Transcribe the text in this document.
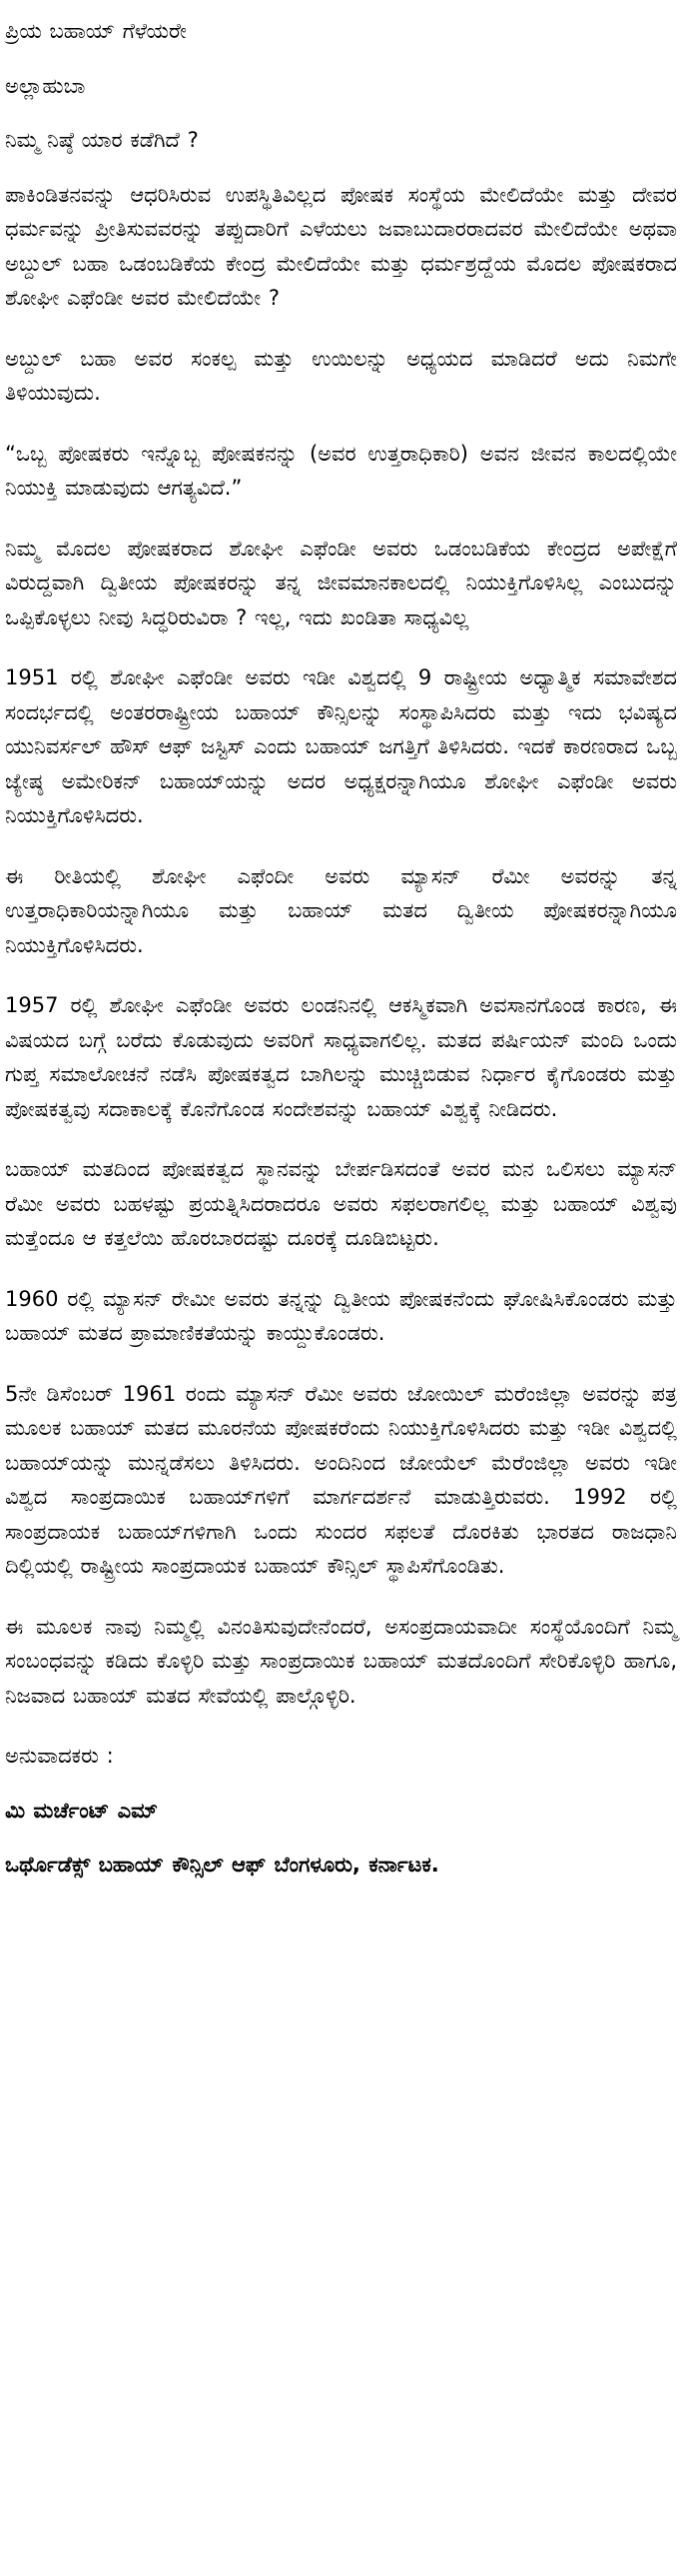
ಪ್ರಿಯ ಬಹಾಯ್ ಗೆಳೆಯರೇ

ಅಲ್ಲಾಹುಬಾ

ನಿಮ್ಮ ನಿಷ್ಠೆ ಯಾರ ಕಡೆಗಿದೆ ?

ಪಾಕಿಂಡಿತನವನ್ನು ಆಧರಿಸಿರುವ ಉಪಸ್ಥಿತಿವಿಲ್ಲದ ಪೋಷಕ ಸಂಸ್ಥೆಯ ಮೇಲಿದೆಯೇ ಮತ್ತು ದೇವರ ಧರ್ಮವನ್ನು ಪ್ರೀತಿಸುವವರನ್ನು ತಪ್ಪುದಾರಿಗೆ ಎಳೆಯಲು ಜವಾಬುದಾರರಾದವರ ಮೇಲಿದೆಯೇ ಅಥವಾ ಅಬ್ದುಲ್ ಬಹಾ ಒಡಂಬಡಿಕೆಯ ಕೇಂದ್ರ ಮೇಲಿದೆಯೇ ಮತ್ತು ಧರ್ಮಶ್ರದ್ದೆಯ ಮೊದಲ ಪೋಷಕರಾದ ಶೋಘೀ ಎಫೆಂಡೀ ಅವರ ಮೇಲಿದೆಯೇ ?

ಅಬ್ದುಲ್ ಬಹಾ ಅವರ ಸಂಕಲ್ಪ ಮತ್ತು ಉಯಿಲನ್ನು ಅಧ್ಯಯದ ಮಾಡಿದರೆ ಅದು ನಿಮಗೇ ತಿಳಿಯುವುದು.

“ಒಬ್ಬ ಪೋಷಕರು ಇನ್ನೊಬ್ಬ ಪೋಷಕನನ್ನು (ಅವರ ಉತ್ತರಾಧಿಕಾರಿ) ಅವನ ಜೀವನ ಕಾಲದಲ್ಲಿಯೇ ನಿಯುಕ್ತಿ ಮಾಡುವುದು ಆಗತ್ಯವಿದೆ.”

ನಿಮ್ಮ ಮೊದಲ ಪೋಷಕರಾದ ಶೋಘೀ ಎಫೆಂಡೀ ಅವರು ಒಡಂಬಡಿಕೆಯ ಕೇಂದ್ರದ ಅಪೇಕ್ಷೆಗೆ ವಿರುದ್ದವಾಗಿ ದ್ವಿತೀಯ ಪೋಷಕರನ್ನು ತನ್ನ ಜೀವಮಾನಕಾಲದಲ್ಲಿ ನಿಯುಕ್ತಿಗೊಳಿಸಿಲ್ಲ ಎಂಬುದನ್ನು ಒಪ್ಪಿಕೊಳ್ಳಲು ನೀವು ಸಿದ್ಧರಿರುವಿರಾ ? ಇಲ್ಲ, ಇದು ಖಂಡಿತಾ ಸಾಧ್ಯವಿಲ್ಲ

1951 ರಲ್ಲಿ ಶೋಘೀ ಎಫೆಂಡೀ ಅವರು ಇಡೀ ವಿಶ್ವದಲ್ಲಿ 9 ರಾಷ್ಟ್ರೀಯ ಅಧ್ಯಾತ್ಮಿಕ ಸಮಾವೇಶದ ಸಂದರ್ಭದಲ್ಲಿ ಅಂತರರಾಷ್ಟ್ರೀಯ ಬಹಾಯ್ ಕೌನ್ಸಿಲನ್ನು ಸಂಸ್ಥಾಪಿಸಿದರು ಮತ್ತು ಇದು ಭವಿಷ್ಯದ ಯುನಿವರ್ಸಲ್ ಹೌಸ್ ಆಫ್ ಜಸ್ಟಿಸ್ ಎಂದು ಬಹಾಯ್ ಜಗತ್ತಿಗೆ ತಿಳಿಸಿದರು. ಇದಕೆ ಕಾರಣರಾದ ಒಬ್ಬ ಜ್ಯೇಷ್ಠ ಅಮೇರಿಕನ್ ಬಹಾಯ್‌ಯನ್ನು ಅದರ ಅಧ್ಯಕ್ಷರನ್ನಾಗಿಯೂ ಶೋಘೀ ಎಫೆಂಡೀ ಅವರು ನಿಯುಕ್ತಿಗೊಳಿಸಿದರು.

ಈ ರೀತಿಯಲ್ಲಿ ಶೋಘೀ ಎಫೆಂದೀ ಅವರು ಮ್ಯಾಸನ್ ರೆಮೀ ಅವರನ್ನು ತನ್ನ ಉತ್ತರಾಧಿಕಾರಿಯನ್ನಾಗಿಯೂ ಮತ್ತು ಬಹಾಯ್ ಮತದ ದ್ವಿತೀಯ ಪೋಷಕರನ್ನಾಗಿಯೂ ನಿಯುಕ್ತಿಗೊಳಿಸಿದರು.

1957 ರಲ್ಲಿ ಶೋಘೀ ಎಫೆಂಡೀ ಅವರು ಲಂಡನಿನಲ್ಲಿ ಆಕಸ್ಮಿಕವಾಗಿ ಅವಸಾನಗೊಂಡ ಕಾರಣ, ಈ ವಿಷಯದ ಬಗ್ಗೆ ಬರೆದು ಕೊಡುವುದು ಅವರಿಗೆ ಸಾಧ್ಯವಾಗಲಿಲ್ಲ. ಮತದ ಪರ್ಷಿಯನ್ ಮಂದಿ ಒಂದು ಗುಪ್ತ ಸಮಾಲೋಚನೆ ನಡೆಸಿ ಪೋಷಕತ್ವದ ಬಾಗಿಲನ್ನು ಮುಚ್ಚಿಬಿಡುವ ನಿರ್ಧಾರ ಕೈಗೊಂಡರು ಮತ್ತು ಪೋಷಕತ್ವವು ಸದಾಕಾಲಕ್ಕೆ ಕೊನೆಗೊಂಡ ಸಂದೇಶವನ್ನು ಬಹಾಯ್ ವಿಶ್ವಕ್ಕೆ ನೀಡಿದರು.

ಬಹಾಯ್ ಮತದಿಂದ ಪೋಷಕತ್ವದ ಸ್ಥಾನವನ್ನು ಬೇರ್ಪಡಿಸದಂತೆ ಅವರ ಮನ ಒಲಿಸಲು ಮ್ಯಾಸನ್ ರೆಮೀ ಅವರು ಬಹಳಷ್ಟು ಪ್ರಯತ್ನಿಸಿದರಾದರೂ ಅವರು ಸಫಲರಾಗಲಿಲ್ಲ ಮತ್ತು ಬಹಾಯ್ ವಿಶ್ವವು ಮತ್ತೆಂದೂ ಆ ಕತ್ತಲೆಯಿ ಹೊರಬಾರದಷ್ಟು ದೂರಕ್ಕೆ ದೂಡಿಬಿಟ್ಟರು.

1960 ರಲ್ಲಿ ಮ್ಯಾಸನ್ ರೇಮೀ ಅವರು ತನ್ನನ್ನು ದ್ವಿತೀಯ ಪೋಷಕನೆಂದು ಘೋಷಿಸಿಕೊಂಡರು ಮತ್ತು ಬಹಾಯ್ ಮತದ ಪ್ರಾಮಾಣಿಕತೆಯನ್ನು ಕಾಯ್ದುಕೊಂಡರು.

5ನೇ ಡಿಸೆಂಬರ್ 1961 ರಂದು ಮ್ಯಾಸನ್ ರೆಮೀ ಅವರು ಜೋಯಿಲ್ ಮರೆಂಜಿಲ್ಲಾ ಅವರನ್ನು ಪತ್ರ ಮೂಲಕ ಬಹಾಯ್ ಮತದ ಮೂರನೆಯ ಪೋಷಕರೆಂದು ನಿಯುಕ್ತಿಗೊಳಿಸಿದರು ಮತ್ತು ಇಡೀ ವಿಶ್ವದಲ್ಲಿ ಬಹಾಯ್‌ಯನ್ನು ಮುನ್ನಡೆಸಲು ತಿಳಿಸಿದರು. ಅಂದಿನಿಂದ ಜೋಯೆಲ್ ಮೆರೆಂಜಿಲ್ಲಾ ಅವರು ಇಡೀ ವಿಶ್ವದ ಸಾಂಪ್ರದಾಯಿಕ ಬಹಾಯ್‌ಗಳಿಗೆ ಮಾರ್ಗದರ್ಶನೆ ಮಾಡುತ್ತಿರುವರು. 1992 ರಲ್ಲಿ ಸಾಂಪ್ರದಾಯಕ ಬಹಾಯ್‌ಗಳಿಗಾಗಿ ಒಂದು ಸುಂದರ ಸಫಲತೆ ದೊರಕಿತು ಭಾರತದ ರಾಜಧಾನಿ ದಿಲ್ಲಿಯಲ್ಲಿ ರಾಷ್ಟ್ರೀಯ ಸಾಂಪ್ರದಾಯಕ ಬಹಾಯ್ ಕೌನ್ಸಿಲ್ ಸ್ಥಾಪಿಸೆಗೊಂಡಿತು.

ಈ ಮೂಲಕ ನಾವು ನಿಮ್ಮಲ್ಲಿ ವಿನಂತಿಸುವುದೇನೆಂದರೆ, ಅಸಂಪ್ರದಾಯವಾದೀ ಸಂಸ್ಥೆಯೊಂದಿಗೆ ನಿಮ್ಮ ಸಂಬಂಧವನ್ನು ಕಡಿದು ಕೊಳ್ಳಿರಿ ಮತ್ತು ಸಾಂಪ್ರದಾಯಿಕ ಬಹಾಯ್ ಮತದೊಂದಿಗೆ ಸೇರಿಕೊಳ್ಳಿರಿ ಹಾಗೂ, ನಿಜವಾದ ಬಹಾಯ್ ಮತದ ಸೇವೆಯಲ್ಲಿ ಪಾಲ್ಗೊಳ್ಳಿರಿ.

ಅನುವಾದಕರು :

ಮಿ ಮರ್ಚೆಂಟ್ ಎಮ್

ಒರ್ಥೊಡೆಕ್ಸ್ ಬಹಾಯ್ ಕೌನ್ಸಿಲ್ ಆಫ್ ಬೆಂಗಳೂರು, ಕರ್ನಾಟಕ.
